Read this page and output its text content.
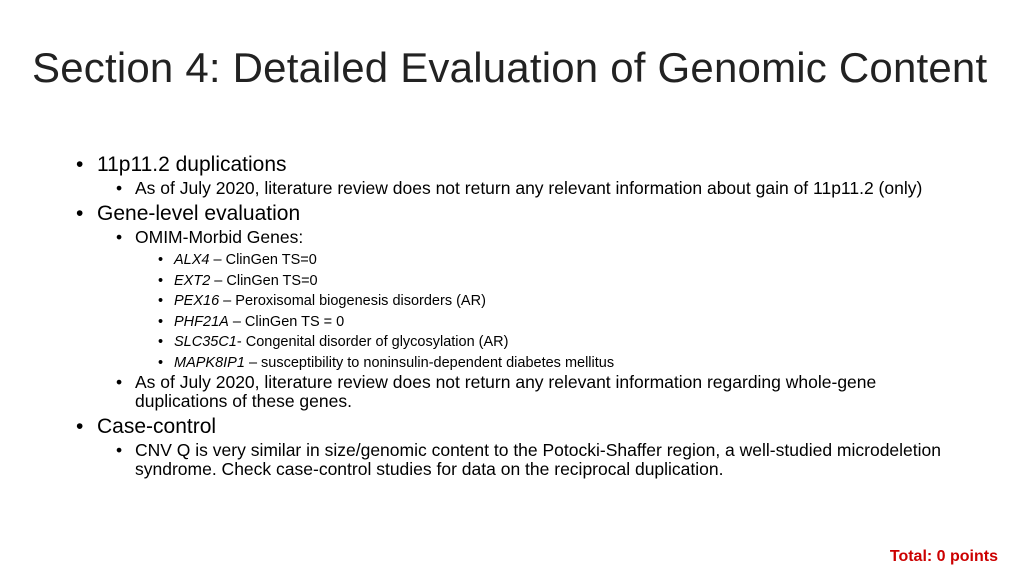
Section 4: Detailed Evaluation of Genomic Content
• 11p11.2 duplications
• As of July 2020, literature review does not return any relevant information about gain of 11p11.2 (only)
• Gene-level evaluation
• OMIM-Morbid Genes:
• ALX4 – ClinGen TS=0
• EXT2 – ClinGen TS=0
• PEX16 – Peroxisomal biogenesis disorders (AR)
• PHF21A – ClinGen TS = 0
• SLC35C1- Congenital disorder of glycosylation (AR)
• MAPK8IP1 – susceptibility to noninsulin-dependent diabetes mellitus
• As of July 2020, literature review does not return any relevant information regarding whole-gene duplications of these genes.
• Case-control
• CNV Q is very similar in size/genomic content to the Potocki-Shaffer region, a well-studied microdeletion syndrome. Check case-control studies for data on the reciprocal duplication.
Total: 0 points
